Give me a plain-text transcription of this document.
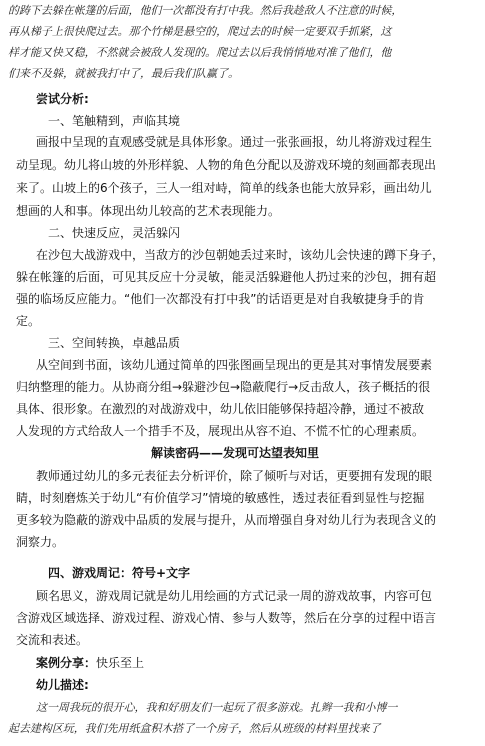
的踌下去躲在帐篷的后面，他们一次都没有打中我。然后我趁敌人不注意的时候，
再从梯子上很快爬过去。那个竹梯是悬空的，爬过去的时候一定要双手抓紧，这
样才能又快又稳，不然就会被敌人发现的。爬过去以后我悄悄地对准了他们，他
们来不及躲，就被我打中了，最后我们队赢了。
尝试分析:
一、笔触精到，声临其境
画报中呈现的直观感受就是具体形象。通过一张张画报，幼儿将游戏过程生
动呈现。幼儿将山坡的外形样貌、人物的角色分配以及游戏环境的刻画都表现出
来了。山坡上的6个孩子，三人一组对峙，简单的线条也能大放异彩，画出幼儿
想画的人和事。体现出幼儿较高的艺术表现能力。
二、快速反应，灵活躲闪
在沙包大战游戏中，当敌方的沙包朝她丢过来时，该幼儿会快速的蹲下身子，
躲在帐篷的后面，可见其反应十分灵敏，能灵活躲避他人扔过来的沙包，拥有超
强的临场反应能力。“他们一次都没有打中我”的话语更是对自我敏捷身手的肯
定。
三、空间转换，卓越品质
从空间到书面，该幼儿通过简单的四张图画呈现出的更是其对事情发展要素
归纳整理的能力。从协商分组→躲避沙包→隐蔽爬行→反击敌人，孩子概括的很
具体、很形象。在激烈的对战游戏中，幼儿依旧能够保持超冷静，通过不被敌
人发现的方式给敌人一个措手不及，展现出从容不迫、不慌不忙的心理素质。
解读密码——发现可达望表知里
教师通过幼儿的多元表征去分析评价，除了倾听与对话，更要拥有发现的眼
睛，时刻磨炼关于幼儿“有价值学习”情境的敏感性，透过表征看到显性与挖掘
更多较为隐蔽的游戏中品质的发展与提升，从而增强自身对幼儿行为表现含义的
洞察力。
四、游戏周记：符号+文字
顾名思义，游戏周记就是幼儿用绘画的方式记录一周的游戏故事，内容可包
含游戏区域选择、游戏过程、游戏心情、参与人数等，然后在分享的过程中语言
交流和表述。
案例分享：快乐至上
幼儿描述:
这一周我玩的很开心，我和好朋友们一起玩了很多游戏。扎辫一我和小博一
起去建构区玩，我们先用纸盒积木搭了一个房子，然后从班级的材料里找来了
